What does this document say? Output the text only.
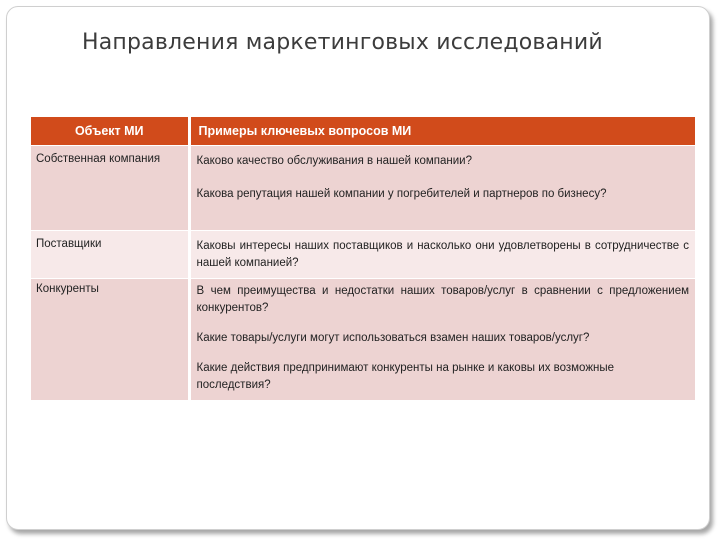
Направления маркетинговых исследований
Объект МИ	Примеры ключевых вопросов МИ

Собственная компания	Каково качество обслуживания в нашей компании?

Какова репутация нашей компании у погребителей и партнеров по бизнесу?

Поставщики	Каковы интересы наших поставщиков и насколько они удовлетворены в сотрудничестве с нашей компанией?

Конкуренты	В чем преимущества и недостатки наших товаров/услуг в сравнении с предложением конкурентов?

Какие товары/услуги могут использоваться взамен наших товаров/услуг?

Какие действия предпринимают конкуренты на рынке и каковы их возможные последствия?
